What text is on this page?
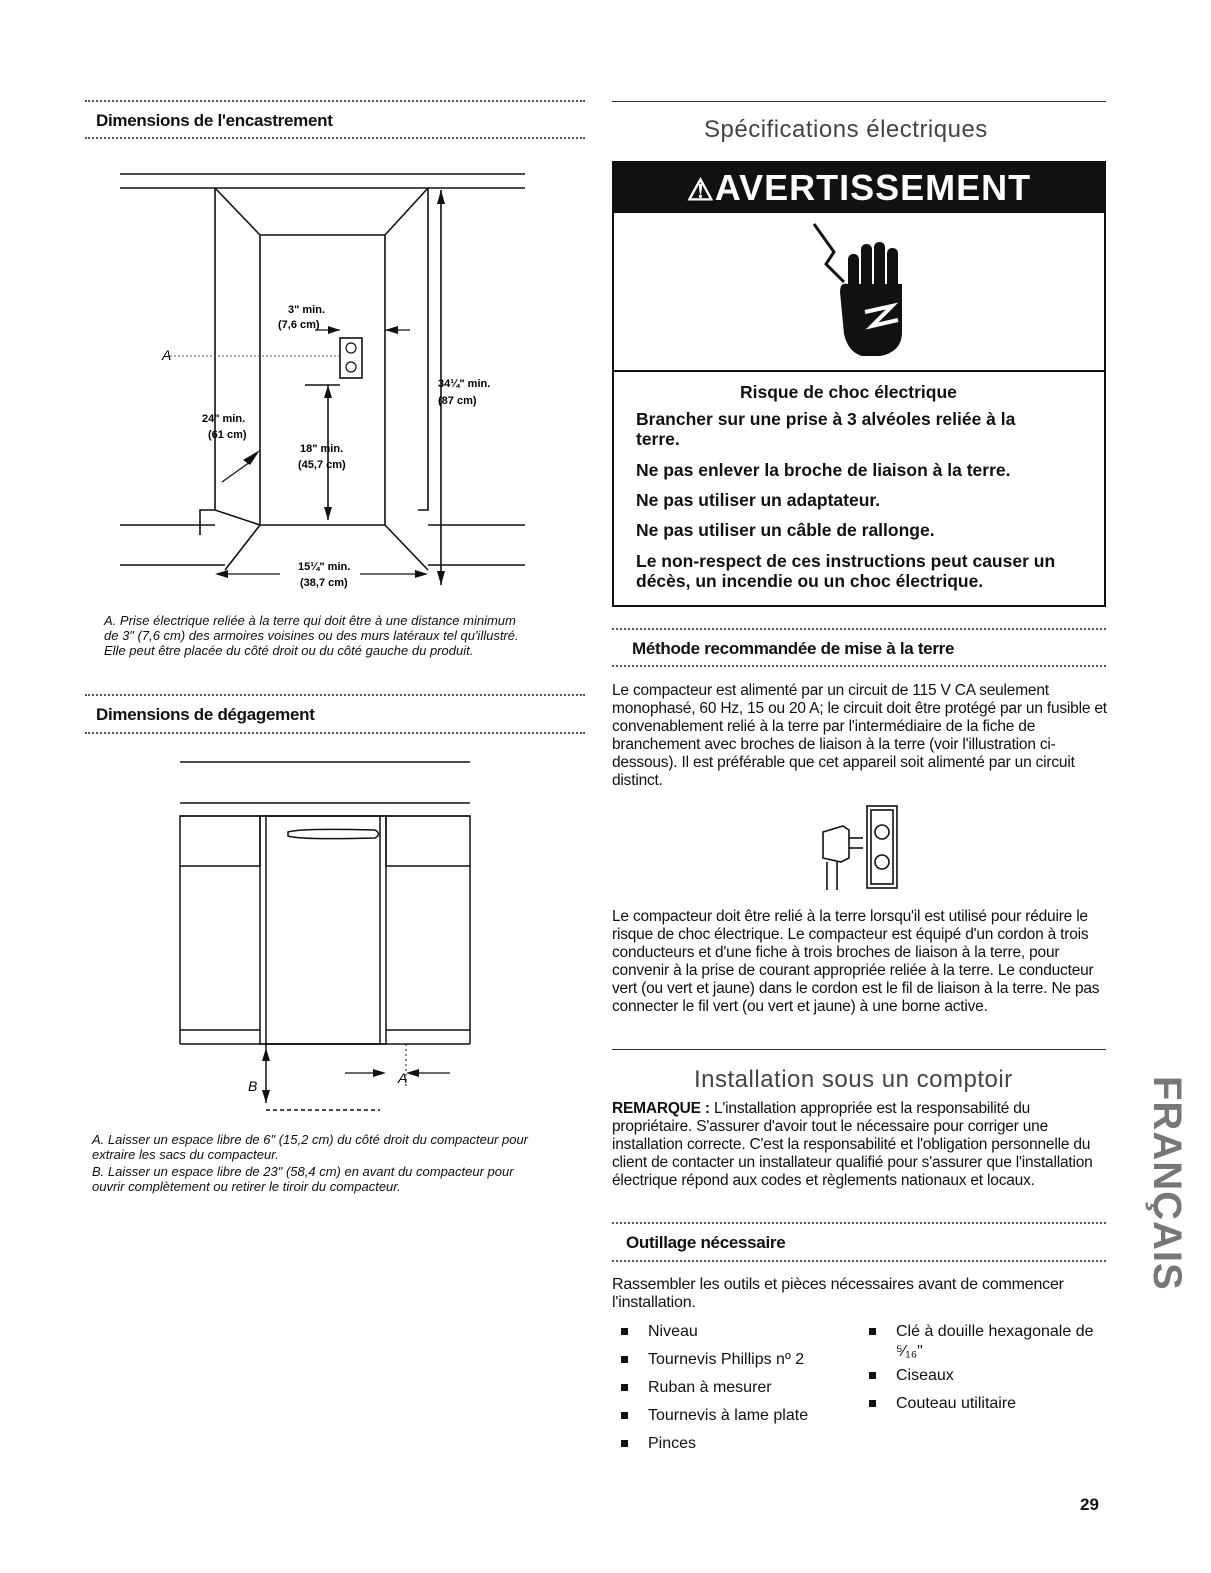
Dimensions de l'encastrement
A
3" min.
(7,6 cm)
24" min.
(61 cm)
18" min.
(45,7 cm)
34¼" min.
(87 cm)
15¼" min.
(38,7 cm)
A. Prise électrique reliée à la terre qui doit être à une distance minimum de 3" (7,6 cm) des armoires voisines ou des murs latéraux tel qu'illustré. Elle peut être placée du côté droit ou du côté gauche du produit.
Dimensions de dégagement
B	A
A. Laisser un espace libre de 6" (15,2 cm) du côté droit du compacteur pour extraire les sacs du compacteur.
B. Laisser un espace libre de 23" (58,4 cm) en avant du compacteur pour ouvrir complètement ou retirer le tiroir du compacteur.
Spécifications électriques
⚠AVERTISSEMENT
Risque de choc électrique
Brancher sur une prise à 3 alvéoles reliée à la terre.
Ne pas enlever la broche de liaison à la terre.
Ne pas utiliser un adaptateur.
Ne pas utiliser un câble de rallonge.
Le non-respect de ces instructions peut causer un décès, un incendie ou un choc électrique.
Méthode recommandée de mise à la terre
Le compacteur est alimenté par un circuit de 115 V CA seulement monophasé, 60 Hz, 15 ou 20 A; le circuit doit être protégé par un fusible et convenablement relié à la terre par l'intermédiaire de la fiche de branchement avec broches de liaison à la terre (voir l'illustration ci-dessous). Il est préférable que cet appareil soit alimenté par un circuit distinct.
Le compacteur doit être relié à la terre lorsqu'il est utilisé pour réduire le risque de choc électrique. Le compacteur est équipé d'un cordon à trois conducteurs et d'une fiche à trois broches de liaison à la terre, pour convenir à la prise de courant appropriée reliée à la terre. Le conducteur vert (ou vert et jaune) dans le cordon est le fil de liaison à la terre. Ne pas connecter le fil vert (ou vert et jaune) à une borne active.
Installation sous un comptoir
REMARQUE : L'installation appropriée est la responsabilité du propriétaire. S'assurer d'avoir tout le nécessaire pour corriger une installation correcte. C'est la responsabilité et l'obligation personnelle du client de contacter un installateur qualifié pour s'assurer que l'installation électrique répond aux codes et règlements nationaux et locaux.
Outillage nécessaire
Rassembler les outils et pièces nécessaires avant de commencer l'installation.
Niveau
Tournevis Phillips nº 2
Ruban à mesurer
Tournevis à lame plate
Pinces
Clé à douille hexagonale de ⁵⁄₁₆"
Ciseaux
Couteau utilitaire
FRANÇAIS
29
